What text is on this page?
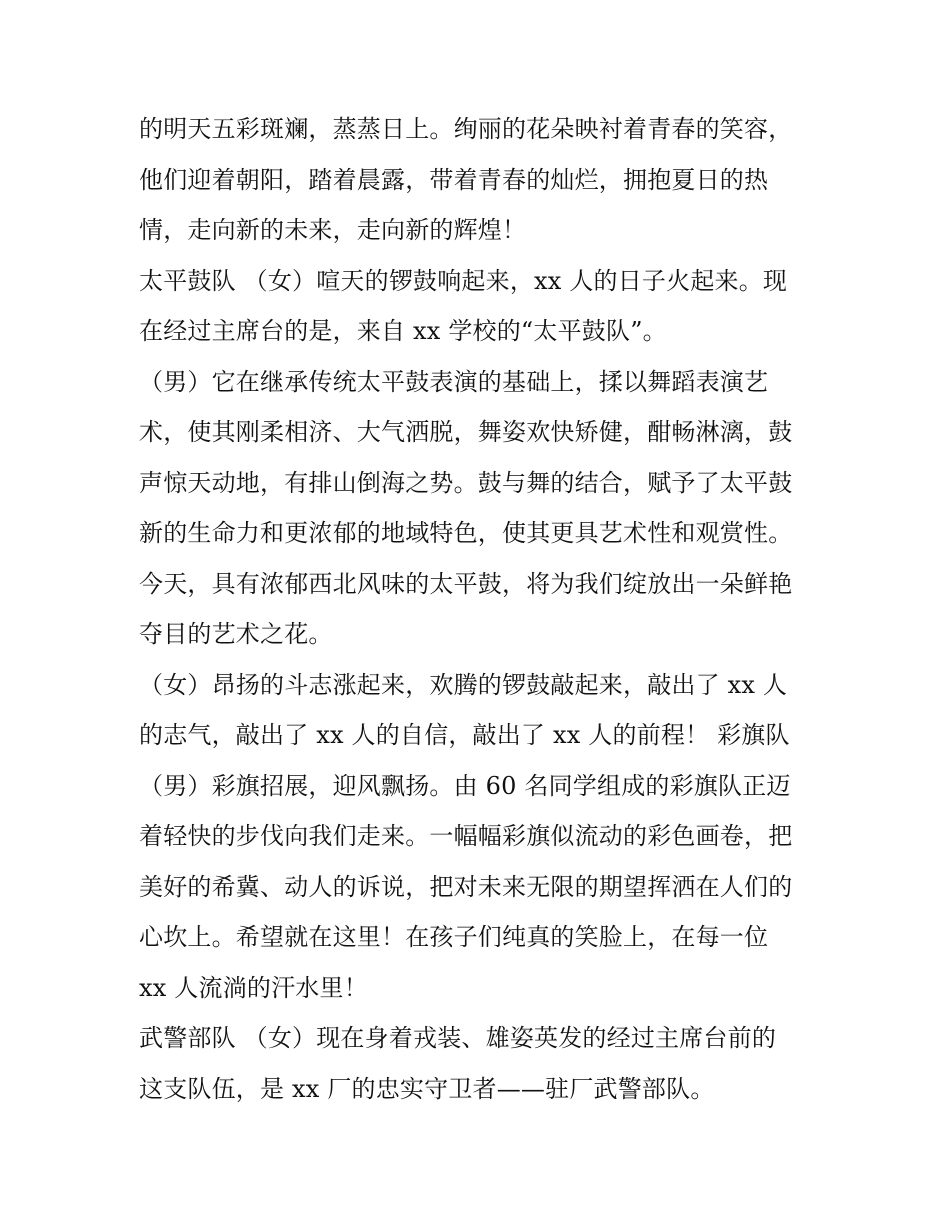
的明天五彩斑斓，蒸蒸日上。绚丽的花朵映衬着青春的笑容，
他们迎着朝阳，踏着晨露，带着青春的灿烂，拥抱夏日的热
情，走向新的未来，走向新的辉煌！
太平鼓队 （女）喧天的锣鼓响起来，xx 人的日子火起来。现
在经过主席台的是，来自 xx 学校的“太平鼓队”。
（男）它在继承传统太平鼓表演的基础上，揉以舞蹈表演艺
术，使其刚柔相济、大气洒脱，舞姿欢快矫健，酣畅淋漓，鼓
声惊天动地，有排山倒海之势。鼓与舞的结合，赋予了太平鼓
新的生命力和更浓郁的地域特色，使其更具艺术性和观赏性。
今天，具有浓郁西北风味的太平鼓，将为我们绽放出一朵鲜艳
夺目的艺术之花。
（女）昂扬的斗志涨起来，欢腾的锣鼓敲起来，敲出了 xx 人
的志气，敲出了 xx 人的自信，敲出了 xx 人的前程！ 彩旗队
（男）彩旗招展，迎风飘扬。由 60 名同学组成的彩旗队正迈
着轻快的步伐向我们走来。一幅幅彩旗似流动的彩色画卷，把
美好的希冀、动人的诉说，把对未来无限的期望挥洒在人们的
心坎上。希望就在这里！在孩子们纯真的笑脸上，在每一位
xx 人流淌的汗水里！
武警部队 （女）现在身着戎装、雄姿英发的经过主席台前的
这支队伍，是 xx 厂的忠实守卫者——驻厂武警部队。
